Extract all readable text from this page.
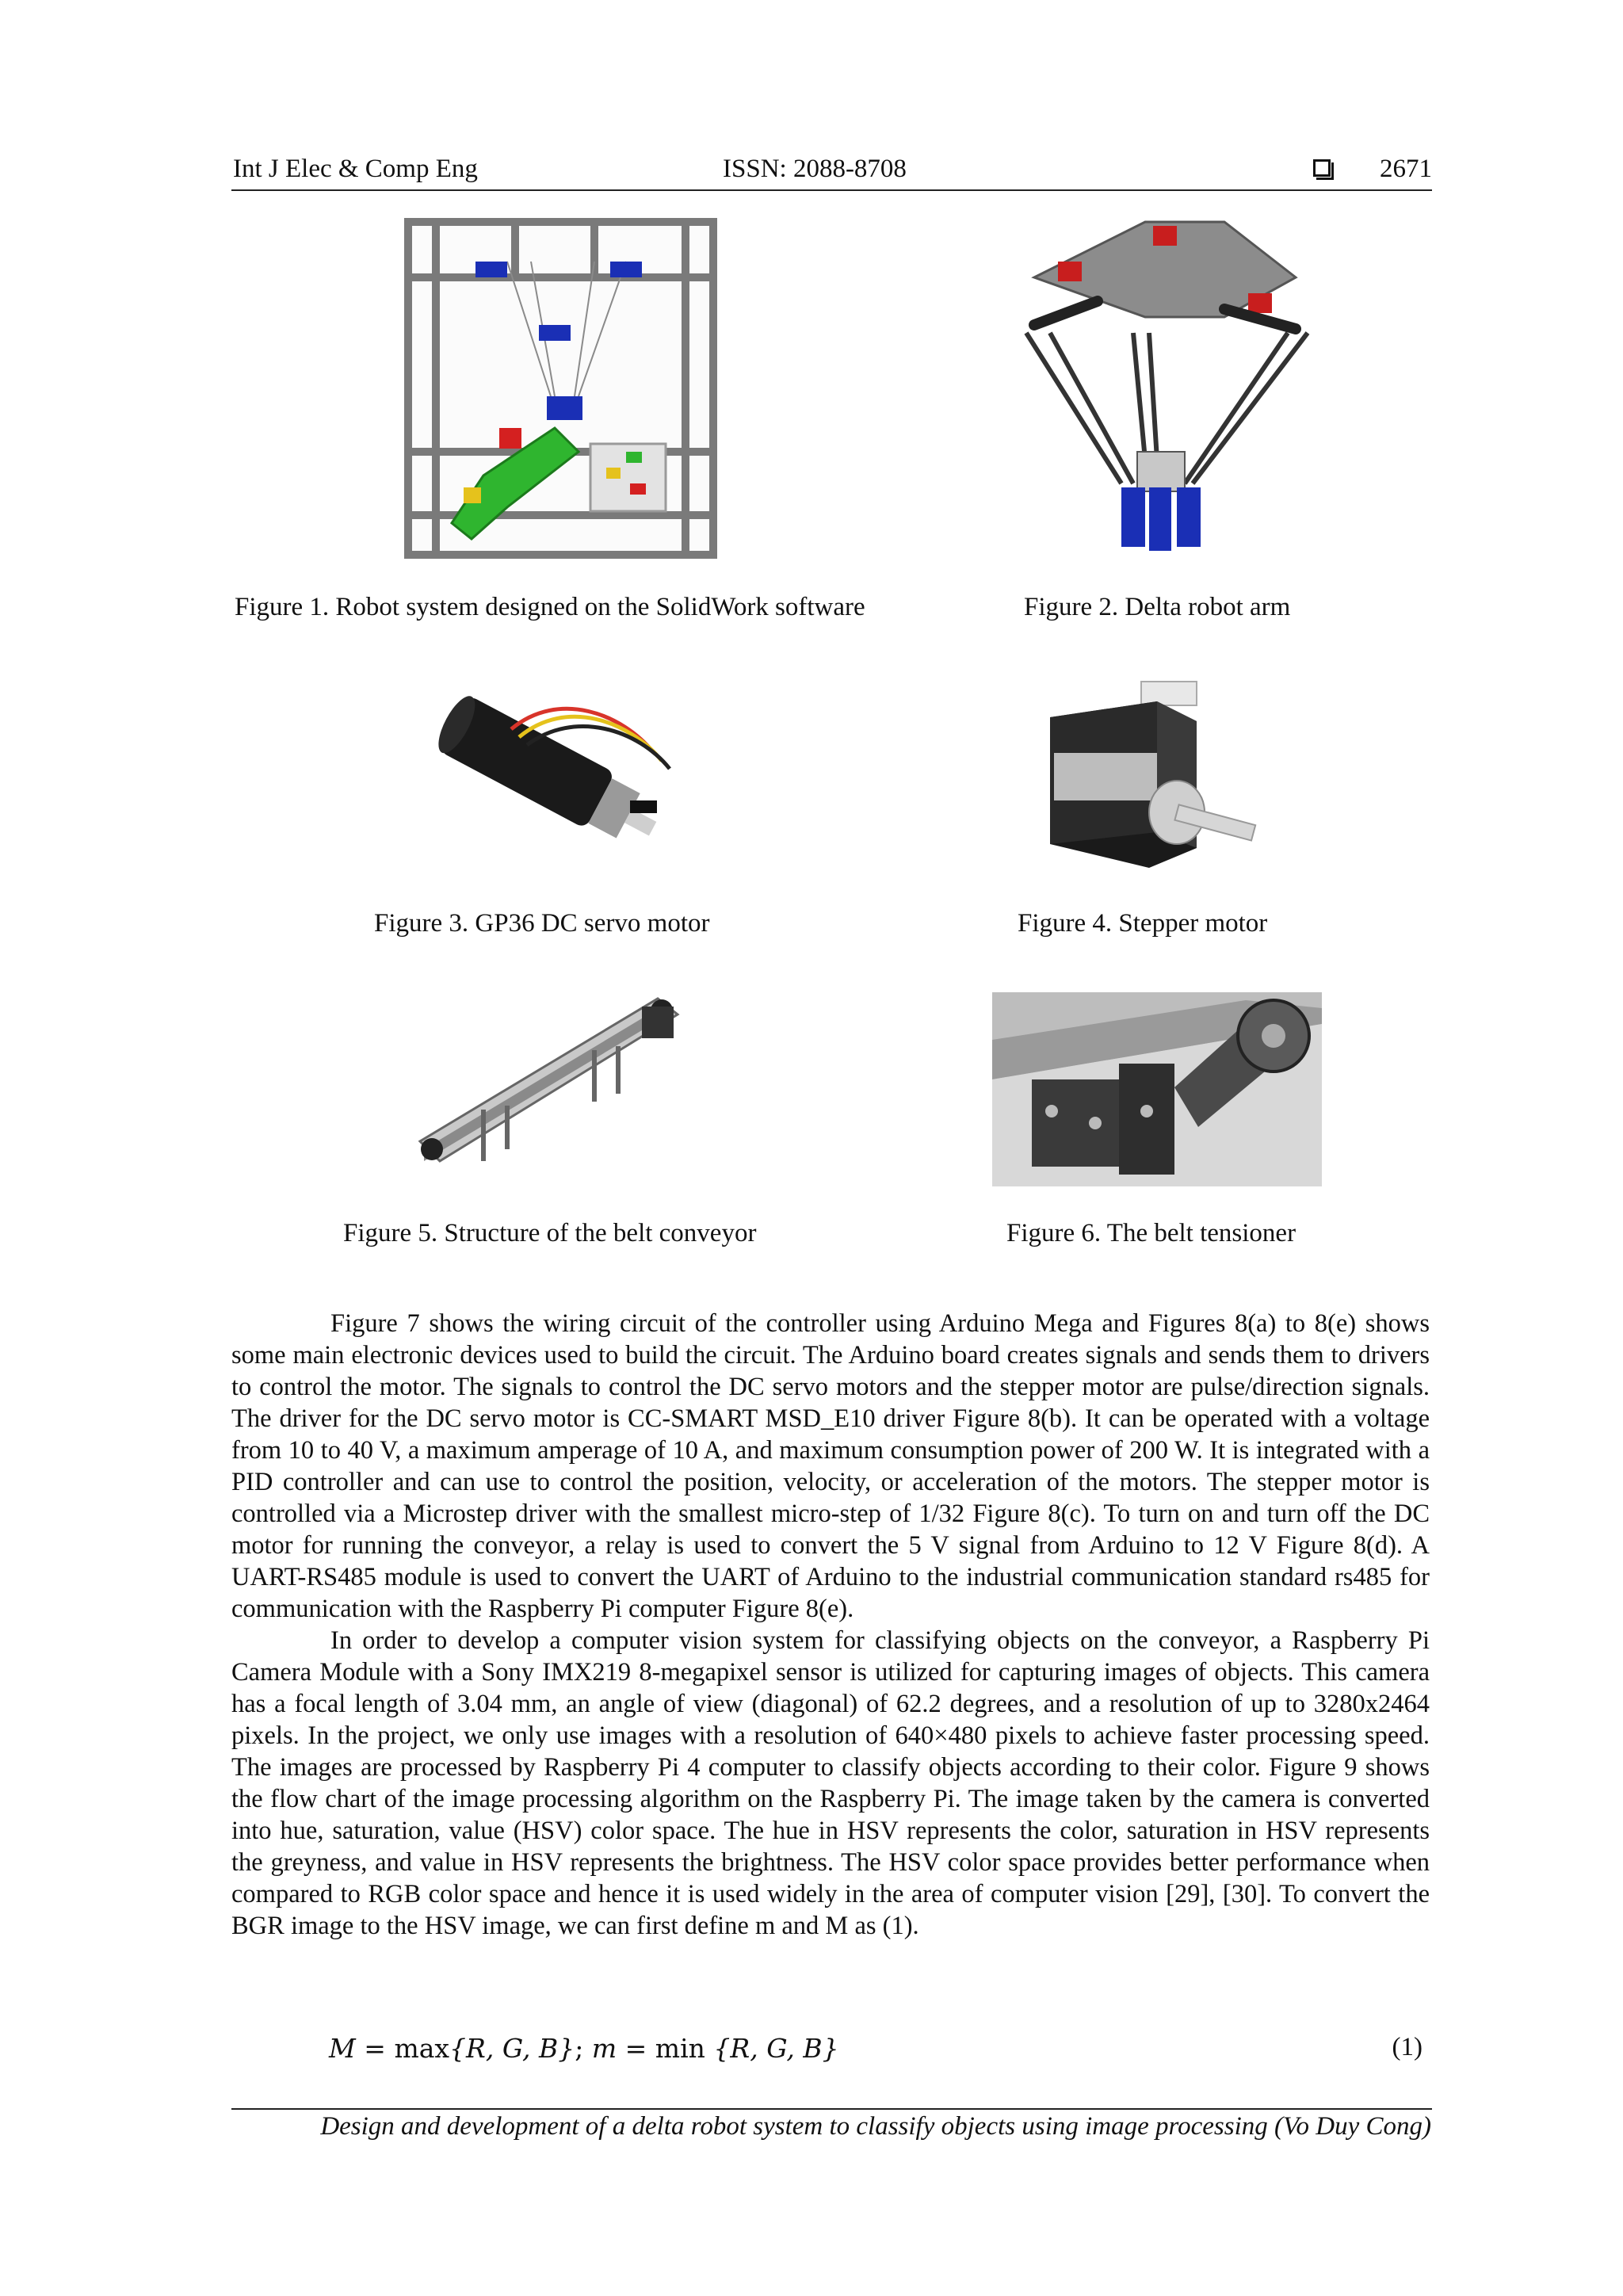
Int J Elec & Comp Eng	ISSN: 2088-8708	2671
Figure 1. Robot system designed on the SolidWork software	Figure 2. Delta robot arm
Figure 3. GP36 DC servo motor	Figure 4. Stepper motor
Figure 5. Structure of the belt conveyor	Figure 6. The belt tensioner

Figure 7 shows the wiring circuit of the controller using Arduino Mega and Figures 8(a) to 8(e) shows some main electronic devices used to build the circuit. The Arduino board creates signals and sends them to drivers to control the motor. The signals to control the DC servo motors and the stepper motor are pulse/direction signals. The driver for the DC servo motor is CC-SMART MSD_E10 driver Figure 8(b). It can be operated with a voltage from 10 to 40 V, a maximum amperage of 10 A, and maximum consumption power of 200 W. It is integrated with a PID controller and can use to control the position, velocity, or acceleration of the motors. The stepper motor is controlled via a Microstep driver with the smallest micro-step of 1/32 Figure 8(c). To turn on and turn off the DC motor for running the conveyor, a relay is used to convert the 5 V signal from Arduino to 12 V Figure 8(d). A UART-RS485 module is used to convert the UART of Arduino to the industrial communication standard rs485 for communication with the Raspberry Pi computer Figure 8(e).

In order to develop a computer vision system for classifying objects on the conveyor, a Raspberry Pi Camera Module with a Sony IMX219 8-megapixel sensor is utilized for capturing images of objects. This camera has a focal length of 3.04 mm, an angle of view (diagonal) of 62.2 degrees, and a resolution of up to 3280x2464 pixels. In the project, we only use images with a resolution of 640×480 pixels to achieve faster processing speed. The images are processed by Raspberry Pi 4 computer to classify objects according to their color. Figure 9 shows the flow chart of the image processing algorithm on the Raspberry Pi. The image taken by the camera is converted into hue, saturation, value (HSV) color space. The hue in HSV represents the color, saturation in HSV represents the greyness, and value in HSV represents the brightness. The HSV color space provides better performance when compared to RGB color space and hence it is used widely in the area of computer vision [29], [30]. To convert the BGR image to the HSV image, we can first define m and M as (1).

M = max{R, G, B}; m = min {R, G, B}	(1)
Design and development of a delta robot system to classify objects using image processing (Vo Duy Cong)
